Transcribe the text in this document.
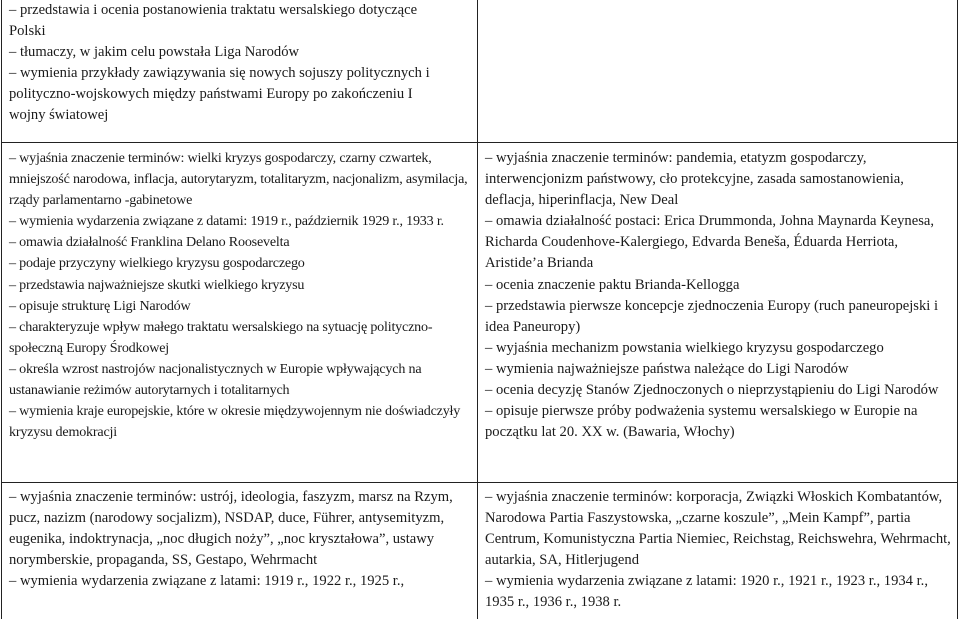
– przedstawia i ocenia postanowienia traktatu wersalskiego dotyczące Polski

– tłumaczy, w jakim celu powstała Liga Narodów

– wymienia przykłady zawiązywania się nowych sojuszy politycznych i polityczno-wojskowych między państwami Europy po zakończeniu I wojny światowej

– wyjaśnia znaczenie terminów: wielki kryzys gospodarczy, czarny czwartek, mniejszość narodowa, inflacja, autorytaryzm, totalitaryzm, nacjonalizm, asymilacja, rządy parlamentarno -gabinetowe

– wymienia wydarzenia związane z datami: 1919 r., październik 1929 r., 1933 r.

– omawia działalność Franklina Delano Roosevelta

– podaje przyczyny wielkiego kryzysu gospodarczego

– przedstawia najważniejsze skutki wielkiego kryzysu

– opisuje strukturę Ligi Narodów

– charakteryzuje wpływ małego traktatu wersalskiego na sytuację polityczno-społeczną Europy Środkowej

– określa wzrost nastrojów nacjonalistycznych w Europie wpływających na ustanawianie reżimów autorytarnych i totalitarnych

– wymienia kraje europejskie, które w okresie międzywojennym nie doświadczyły kryzysu demokracji

– wyjaśnia znaczenie terminów: pandemia, etatyzm gospodarczy, interwencjonizm państwowy, cło protekcyjne, zasada samostanowienia, deflacja, hiperinflacja, New Deal

– omawia działalność postaci: Erica Drummonda, Johna Maynarda Keynesa, Richarda Coudenhove-Kalergiego, Edvarda Beneša, Éduarda Herriota, Aristide’a Brianda

– ocenia znaczenie paktu Brianda-Kellogga

– przedstawia pierwsze koncepcje zjednoczenia Europy (ruch paneuropejski i idea Paneuropy)

– wyjaśnia mechanizm powstania wielkiego kryzysu gospodarczego

– wymienia najważniejsze państwa należące do Ligi Narodów

– ocenia decyzję Stanów Zjednoczonych o nieprzystąpieniu do Ligi Narodów

– opisuje pierwsze próby podważenia systemu wersalskiego w Europie na początku lat 20. XX w. (Bawaria, Włochy)

– wyjaśnia znaczenie terminów: ustrój, ideologia, faszyzm, marsz na Rzym, pucz, nazizm (narodowy socjalizm), NSDAP, duce, Führer, antysemityzm, eugenika, indoktrynacja, „noc długich noży”, „noc kryształowa”, ustawy norymberskie, propaganda, SS, Gestapo, Wehrmacht

– wymienia wydarzenia związane z latami: 1919 r., 1922 r., 1925 r.,

– wyjaśnia znaczenie terminów: korporacja, Związki Włoskich Kombatantów, Narodowa Partia Faszystowska, „czarne koszule”, „Mein Kampf”, partia Centrum, Komunistyczna Partia Niemiec, Reichstag, Reichswehra, Wehrmacht, autarkia, SA, Hitlerjugend

– wymienia wydarzenia związane z latami: 1920 r., 1921 r., 1923 r., 1934 r., 1935 r., 1936 r., 1938 r.
